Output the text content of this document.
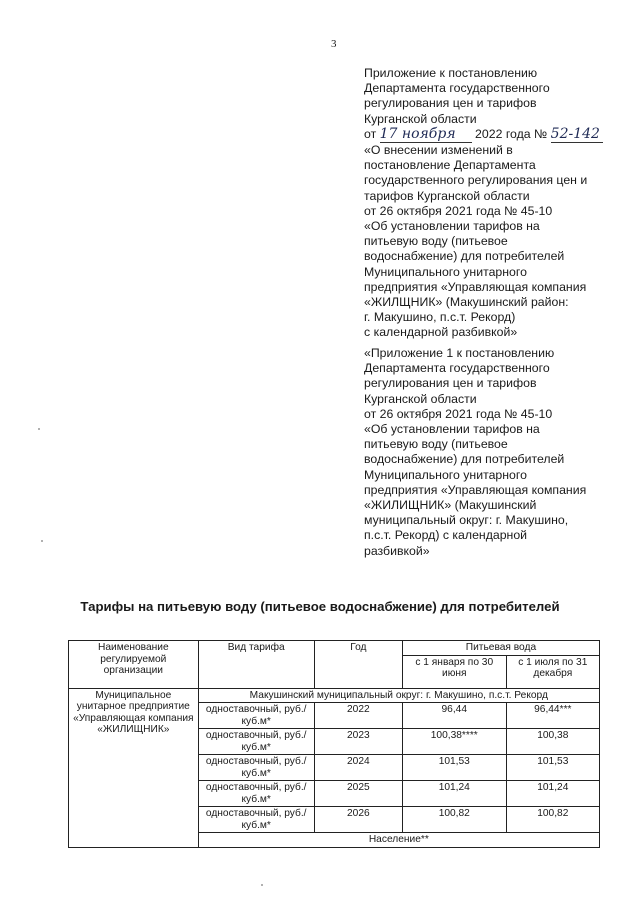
3
Приложение к постановлению
Департамента государственного
регулирования цен и тарифов
Курганской области
от 17 ноября 2022 года № 52-142
«О внесении изменений в
постановление Департамента
государственного регулирования цен и
тарифов Курганской области
от 26 октября 2021 года № 45-10
«Об установлении тарифов на
питьевую воду (питьевое
водоснабжение) для потребителей
Муниципального унитарного
предприятия «Управляющая компания
«ЖИЛЩНИК» (Макушинский район:
г. Макушино, п.с.т. Рекорд)
с календарной разбивкой»
«Приложение 1 к постановлению
Департамента государственного
регулирования цен и тарифов
Курганской области
от 26 октября 2021 года № 45-10
«Об установлении тарифов на
питьевую воду (питьевое
водоснабжение) для потребителей
Муниципального унитарного
предприятия «Управляющая компания
«ЖИЛИЩНИК» (Макушинский
муниципальный округ: г. Макушино,
п.с.т. Рекорд) с календарной
разбивкой»
Тарифы на питьевую воду (питьевое водоснабжение) для потребителей
Наименование регулируемой организации	Вид тарифа	Год	Питьевая вода	
			с 1 января по 30 июня	с 1 июля по 31 декабря
Муниципальное унитарное предприятие «Управляющая компания «ЖИЛИЩНИК»	Макушинский муниципальный округ: г. Макушино, п.с.т. Рекорд			
	одноставочный, руб./куб.м*	2022	96,44	96,44***
	одноставочный, руб./куб.м*	2023	100,38****	100,38
	одноставочный, руб./куб.м*	2024	101,53	101,53
	одноставочный, руб./куб.м*	2025	101,24	101,24
	одноставочный, руб./куб.м*	2026	100,82	100,82
	Население**			
